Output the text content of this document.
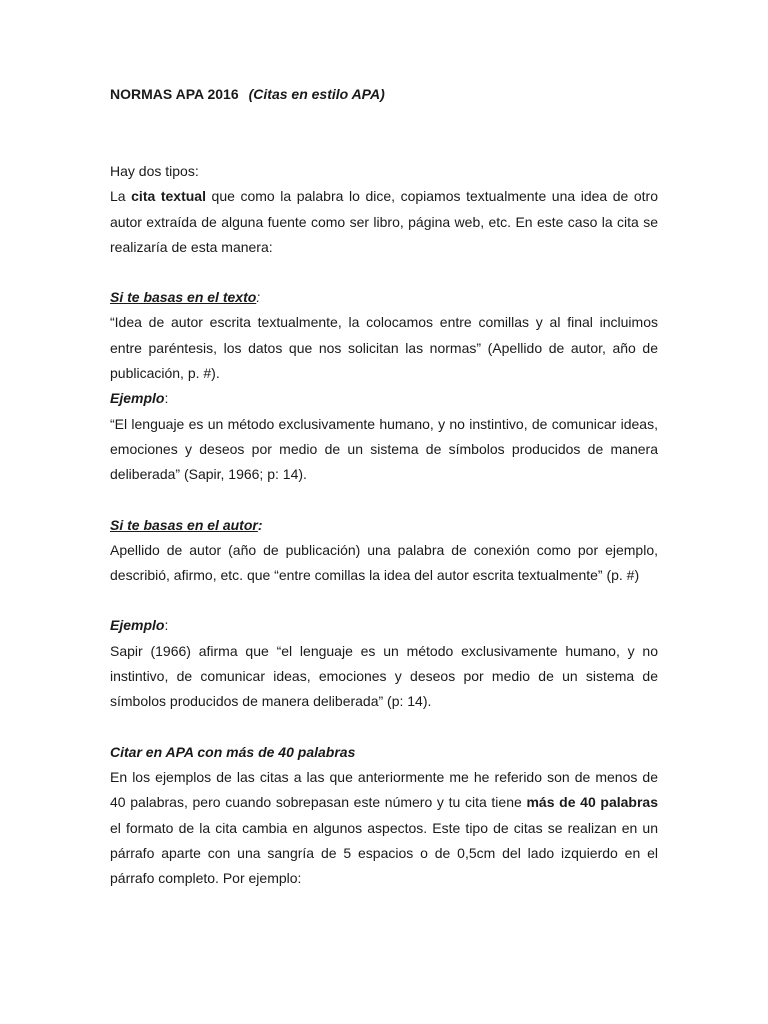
NORMAS APA 2016 (Citas en estilo APA)

Hay dos tipos:

La cita textual que como la palabra lo dice, copiamos textualmente una idea de otro autor extraída de alguna fuente como ser libro, página web, etc. En este caso la cita se realizaría de esta manera:

Si te basas en el texto:

“Idea de autor escrita textualmente, la colocamos entre comillas y al final incluimos entre paréntesis, los datos que nos solicitan las normas” (Apellido de autor, año de publicación, p. #).

Ejemplo:

“El lenguaje es un método exclusivamente humano, y no instintivo, de comunicar ideas, emociones y deseos por medio de un sistema de símbolos producidos de manera deliberada” (Sapir, 1966; p: 14).

Si te basas en el autor:

Apellido de autor (año de publicación) una palabra de conexión como por ejemplo, describió, afirmo, etc. que “entre comillas la idea del autor escrita textualmente” (p. #)

Ejemplo:

Sapir (1966) afirma que “el lenguaje es un método exclusivamente humano, y no instintivo, de comunicar ideas, emociones y deseos por medio de un sistema de símbolos producidos de manera deliberada” (p: 14).

Citar en APA con más de 40 palabras

En los ejemplos de las citas a las que anteriormente me he referido son de menos de 40 palabras, pero cuando sobrepasan este número y tu cita tiene más de 40 palabras el formato de la cita cambia en algunos aspectos. Este tipo de citas se realizan en un párrafo aparte con una sangría de 5 espacios o de 0,5cm del lado izquierdo en el párrafo completo. Por ejemplo:
